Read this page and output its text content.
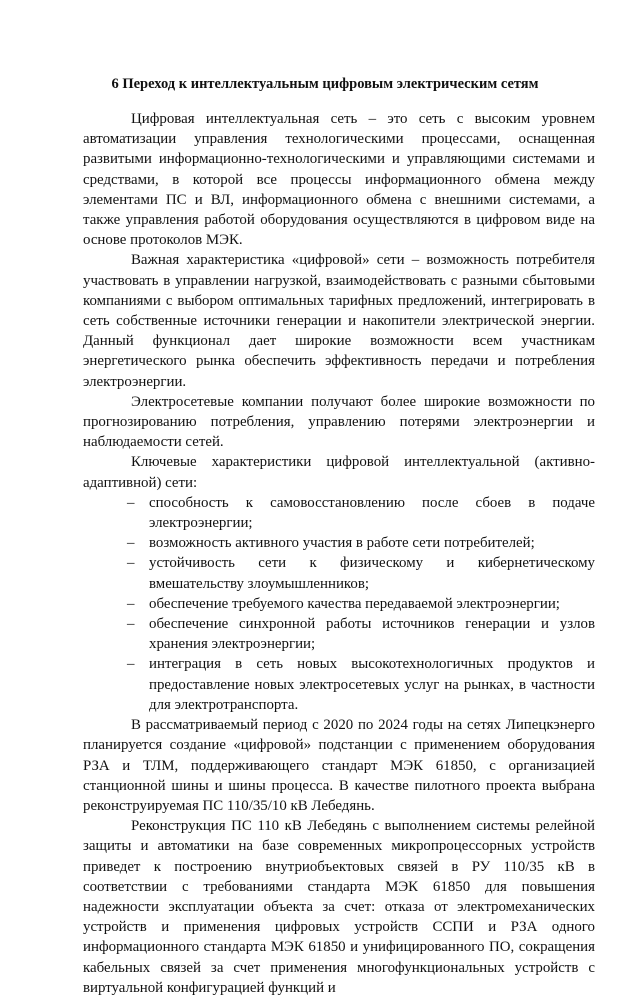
6 Переход к интеллектуальным цифровым электрическим сетям

Цифровая интеллектуальная сеть – это сеть с высоким уровнем автоматизации управления технологическими процессами, оснащенная развитыми информационно-технологическими и управляющими системами и средствами, в которой все процессы информационного обмена между элементами ПС и ВЛ, информационного обмена с внешними системами, а также управления работой оборудования осуществляются в цифровом виде на основе протоколов МЭК.

Важная характеристика «цифровой» сети – возможность потребителя участвовать в управлении нагрузкой, взаимодействовать с разными сбытовыми компаниями с выбором оптимальных тарифных предложений, интегрировать в сеть собственные источники генерации и накопители электрической энергии. Данный функционал дает широкие возможности всем участникам энергетического рынка обеспечить эффективность передачи и потребления электроэнергии.

Электросетевые компании получают более широкие возможности по прогнозированию потребления, управлению потерями электроэнергии и наблюдаемости сетей.

Ключевые характеристики цифровой интеллектуальной (активно-адаптивной) сети:

– способность к самовосстановлению после сбоев в подаче электроэнергии;
– возможность активного участия в работе сети потребителей;
– устойчивость сети к физическому и кибернетическому вмешательству злоумышленников;
– обеспечение требуемого качества передаваемой электроэнергии;
– обеспечение синхронной работы источников генерации и узлов хранения электроэнергии;
– интеграция в сеть новых высокотехнологичных продуктов и предоставление новых электросетевых услуг на рынках, в частности для электротранспорта.

В рассматриваемый период с 2020 по 2024 годы на сетях Липецкэнерго планируется создание «цифровой» подстанции с применением оборудования РЗА и ТЛМ, поддерживающего стандарт МЭК 61850, с организацией станционной шины и шины процесса. В качестве пилотного проекта выбрана реконструируемая ПС 110/35/10 кВ Лебедянь.

Реконструкция ПС 110 кВ Лебедянь с выполнением системы релейной защиты и автоматики на базе современных микропроцессорных устройств приведет к построению внутриобъектовых связей в РУ 110/35 кВ в соответствии с требованиями стандарта МЭК 61850 для повышения надежности эксплуатации объекта за счет: отказа от электромеханических устройств и применения цифровых устройств ССПИ и РЗА одного информационного стандарта МЭК 61850 и унифицированного ПО, сокращения кабельных связей за счет применения многофункциональных устройств с виртуальной конфигурацией функций и
